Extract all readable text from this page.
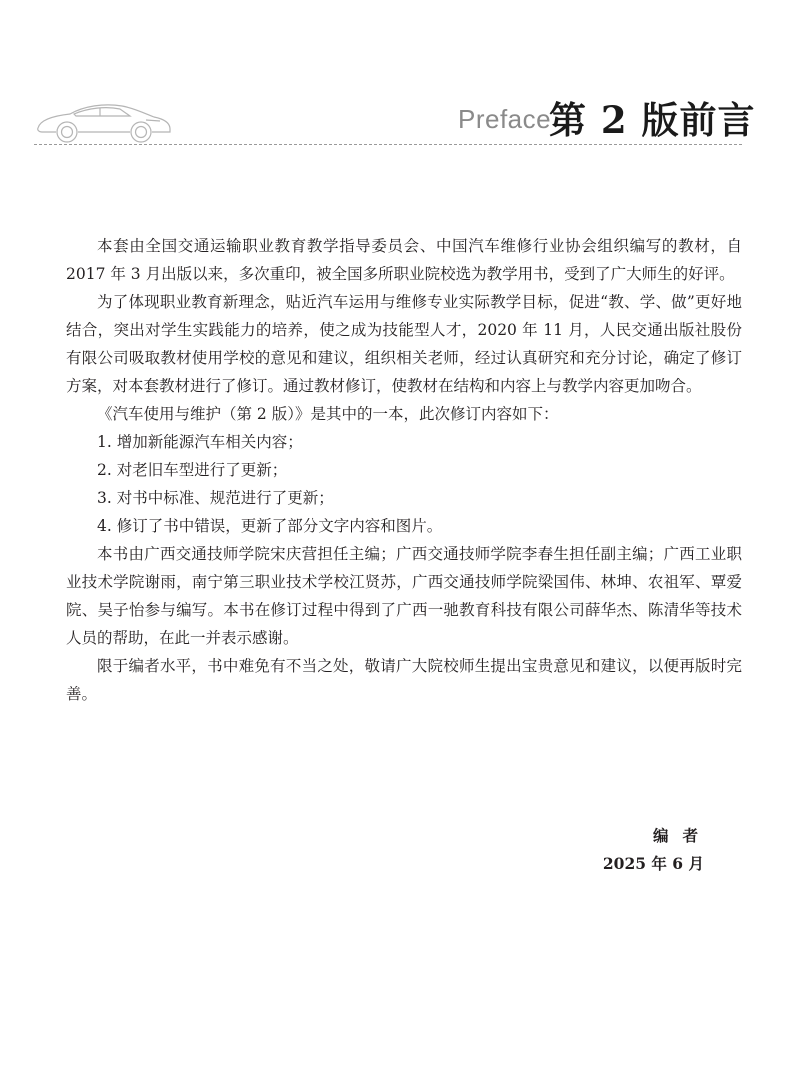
Preface
第 2 版前言

本套由全国交通运输职业教育教学指导委员会、中国汽车维修行业协会组织编写的教材，自 2017 年 3 月出版以来，多次重印，被全国多所职业院校选为教学用书，受到了广大师生的好评。

为了体现职业教育新理念，贴近汽车运用与维修专业实际教学目标，促进“教、学、做”更好地结合，突出对学生实践能力的培养，使之成为技能型人才，2020 年 11 月，人民交通出版社股份有限公司吸取教材使用学校的意见和建议，组织相关老师，经过认真研究和充分讨论，确定了修订方案，对本套教材进行了修订。通过教材修订，使教材在结构和内容上与教学内容更加吻合。

《汽车使用与维护（第 2 版）》是其中的一本，此次修订内容如下：

1. 增加新能源汽车相关内容；

2. 对老旧车型进行了更新；

3. 对书中标准、规范进行了更新；

4. 修订了书中错误，更新了部分文字内容和图片。

本书由广西交通技师学院宋庆营担任主编；广西交通技师学院李春生担任副主编；广西工业职业技术学院谢雨，南宁第三职业技术学校江贤苏，广西交通技师学院梁国伟、林坤、农祖军、覃爱院、吴子怡参与编写。本书在修订过程中得到了广西一驰教育科技有限公司薛华杰、陈清华等技术人员的帮助，在此一并表示感谢。

限于编者水平，书中难免有不当之处，敬请广大院校师生提出宝贵意见和建议，以便再版时完善。

编者
2025 年 6 月
